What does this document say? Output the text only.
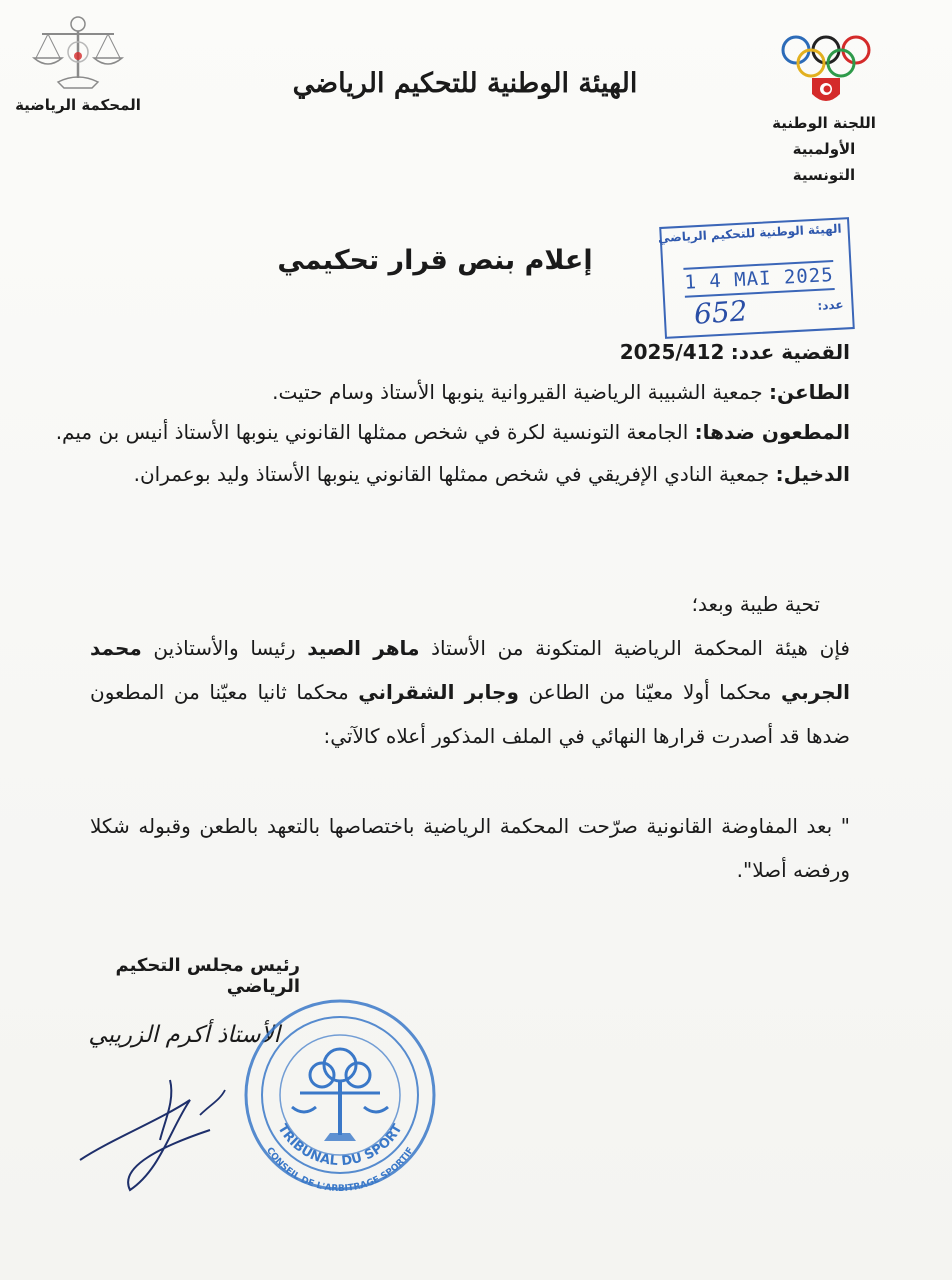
المحكمة الرياضية
الهيئة الوطنية للتحكيم الرياضي
اللجنة الوطنية الأولمبية
التونسية
إعلام بنص قرار تحكيمي
الهيئة الوطنية للتحكيم الرياضي
1 4 MAI 2025
عدد:
652
القضية عدد: 2025/412
الطاعن: جمعية الشبيبة الرياضية القيروانية ينوبها الأستاذ وسام حتيت.
المطعون ضدها: الجامعة التونسية لكرة في شخص ممثلها القانوني ينوبها الأستاذ أنيس بن ميم.
الدخيل: جمعية النادي الإفريقي في شخص ممثلها القانوني ينوبها الأستاذ وليد بوعمران.
تحية طيبة وبعد؛
فإن هيئة المحكمة الرياضية المتكونة من الأستاذ ماهر الصيد رئيسا والأستاذين محمد الجربي محكما أولا معيّنا من الطاعن وجابر الشقراني محكما ثانيا معيّنا من المطعون ضدها قد أصدرت قرارها النهائي في الملف المذكور أعلاه كالآتي:
" بعد المفاوضة القانونية صرّحت المحكمة الرياضية باختصاصها بالتعهد بالطعن وقبوله شكلا ورفضه أصلا".
رئيس مجلس التحكيم الرياضي
الأستاذ أكرم الزريبي
TRIBUNAL DU SPORT
CONSEIL DE L'ARBITRAGE SPORTIF
